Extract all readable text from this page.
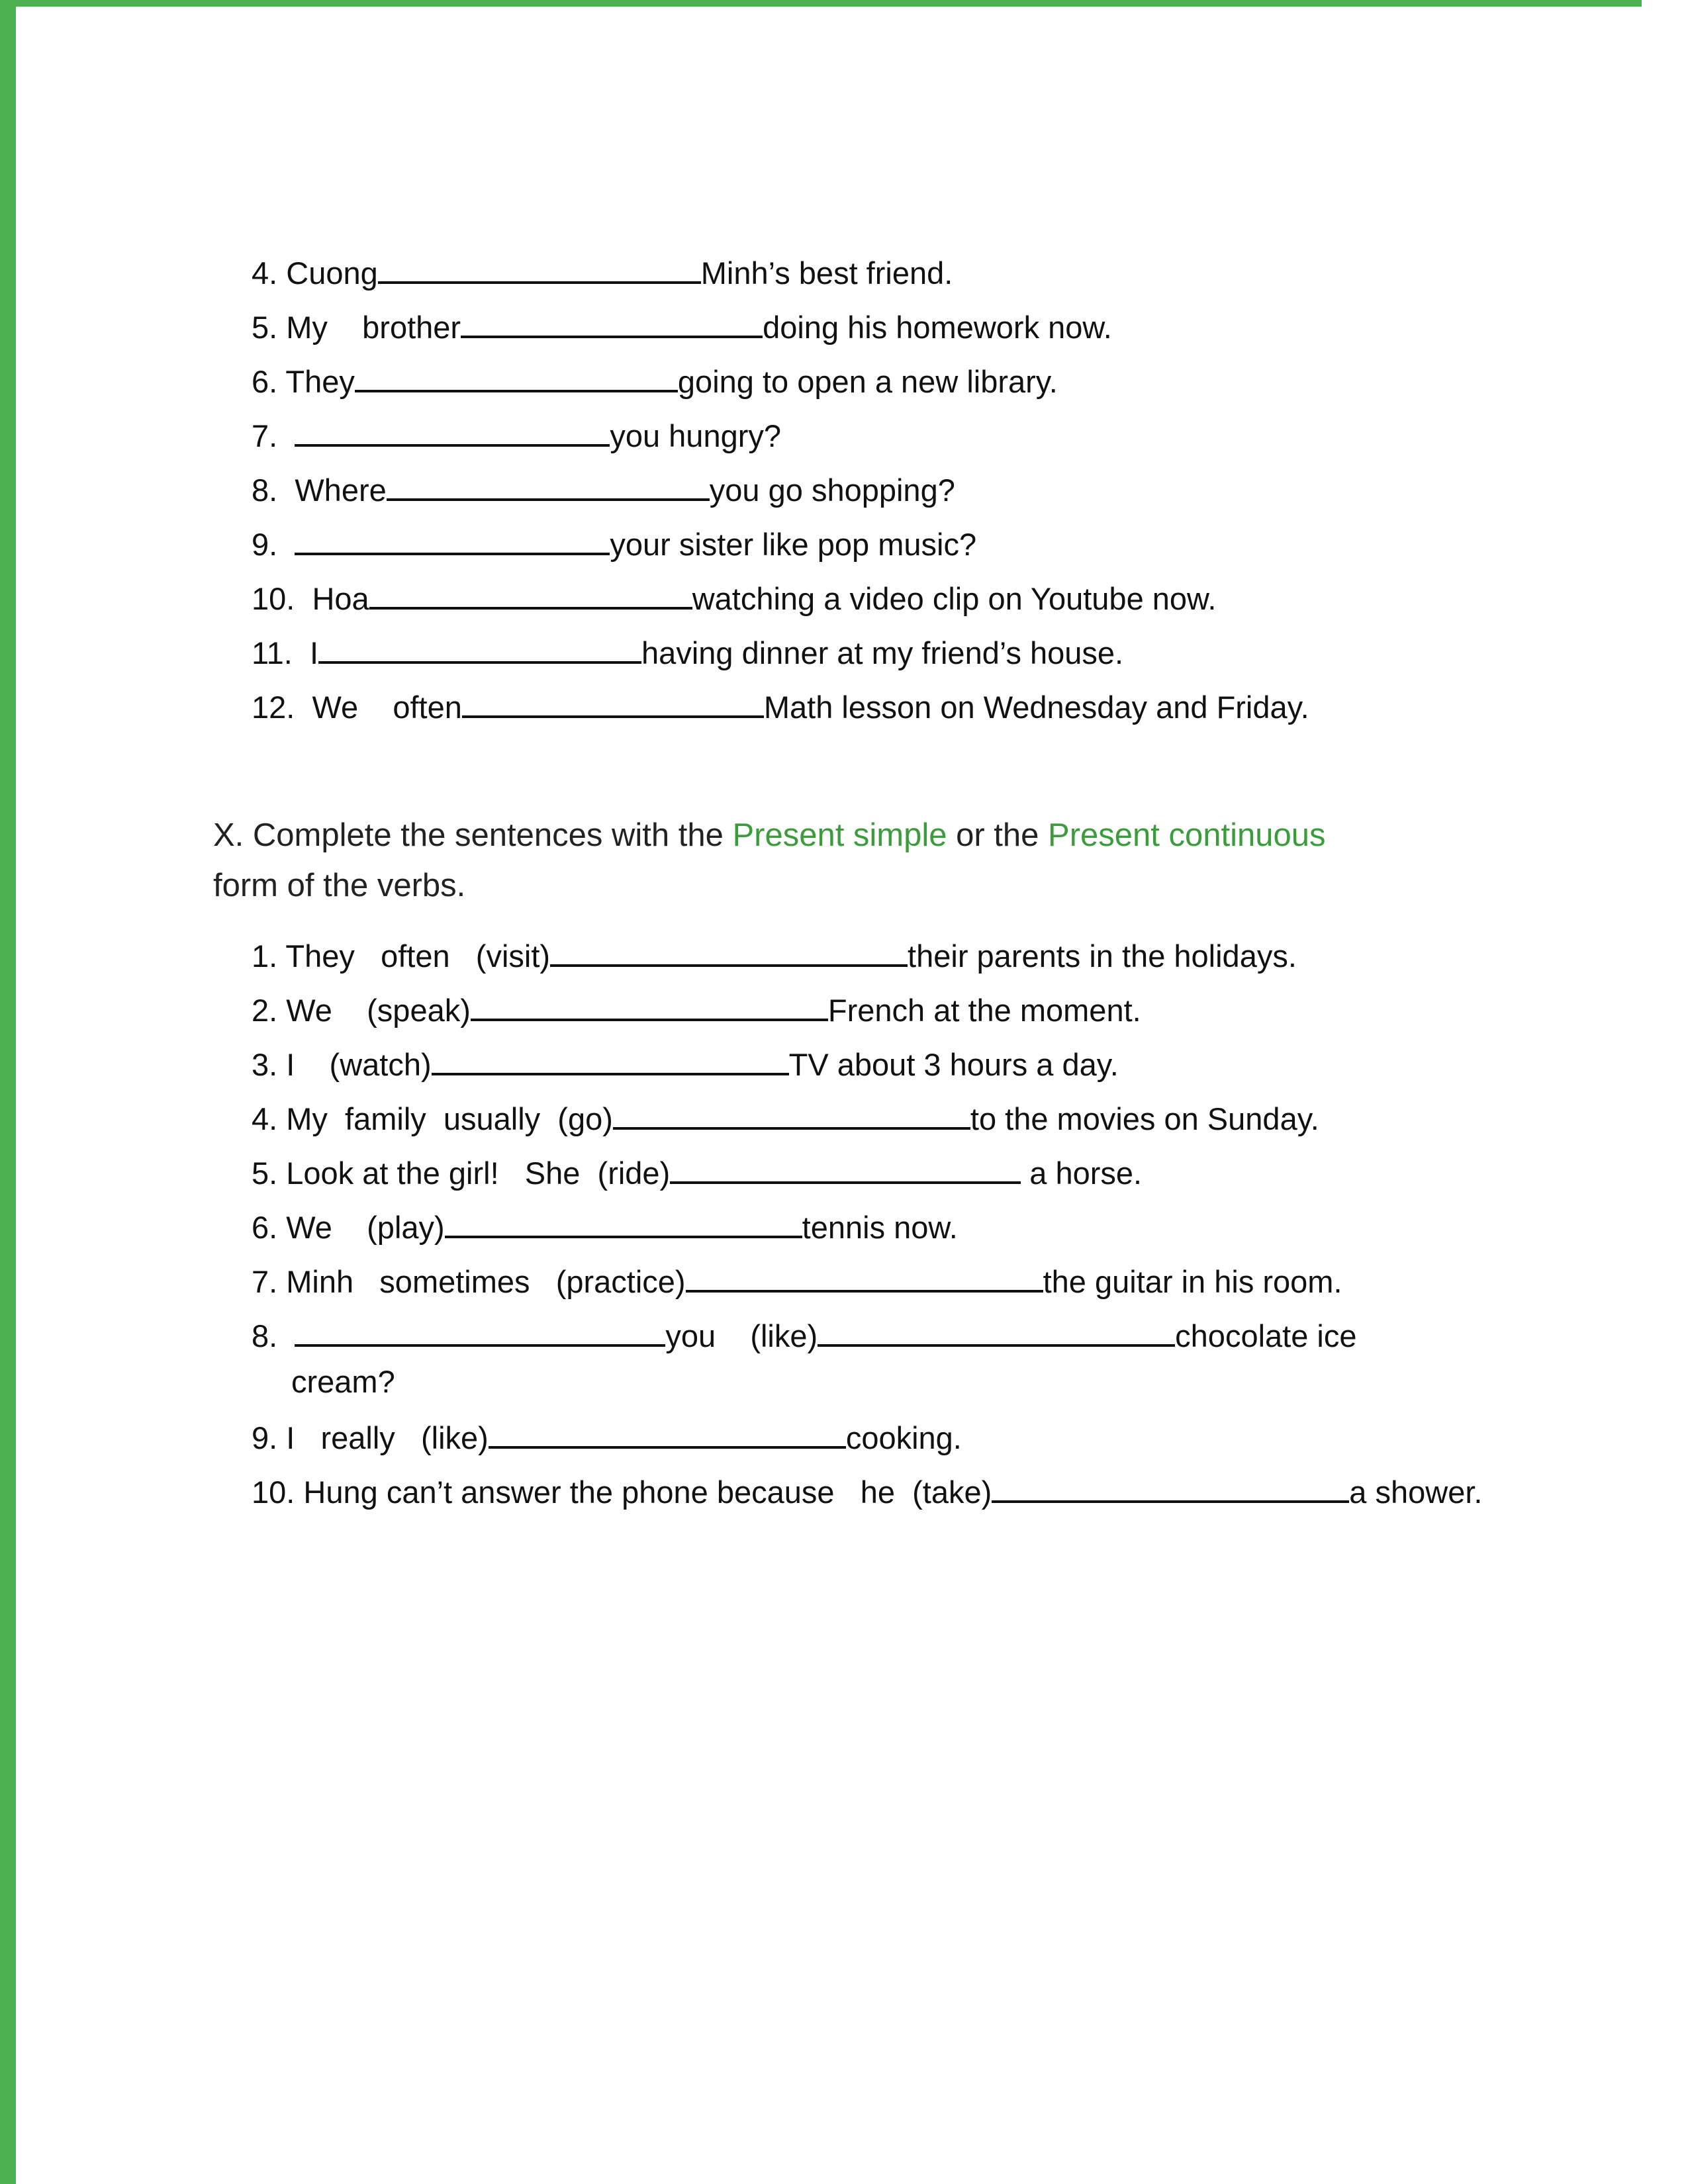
4. Cuong	Minh’s best friend.
5. My    brother	doing his homework now.
6. They	going to open a new library.
7.	you hungry?
8.  Where	you go shopping?
9.	your sister like pop music?
10.  Hoa	watching a video clip on Youtube now.
11.  I	having dinner at my friend’s house.
12.  We    often	Math lesson on Wednesday and Friday.
X. Complete the sentences with the Present simple or the Present continuous
form of the verbs.
1. They   often   (visit)	their parents in the holidays.
2. We    (speak)	French at the moment.
3. I    (watch)	TV about 3 hours a day.
4. My  family  usually  (go)	to the movies on Sunday.
5. Look at the girl!   She  (ride)	a horse.
6. We    (play)	tennis now.
7. Minh   sometimes   (practice)	the guitar in his room.
8.	you    (like)	chocolate ice
cream?
9. I   really   (like)	cooking.
10. Hung can’t answer the phone because   he  (take)	a shower.
